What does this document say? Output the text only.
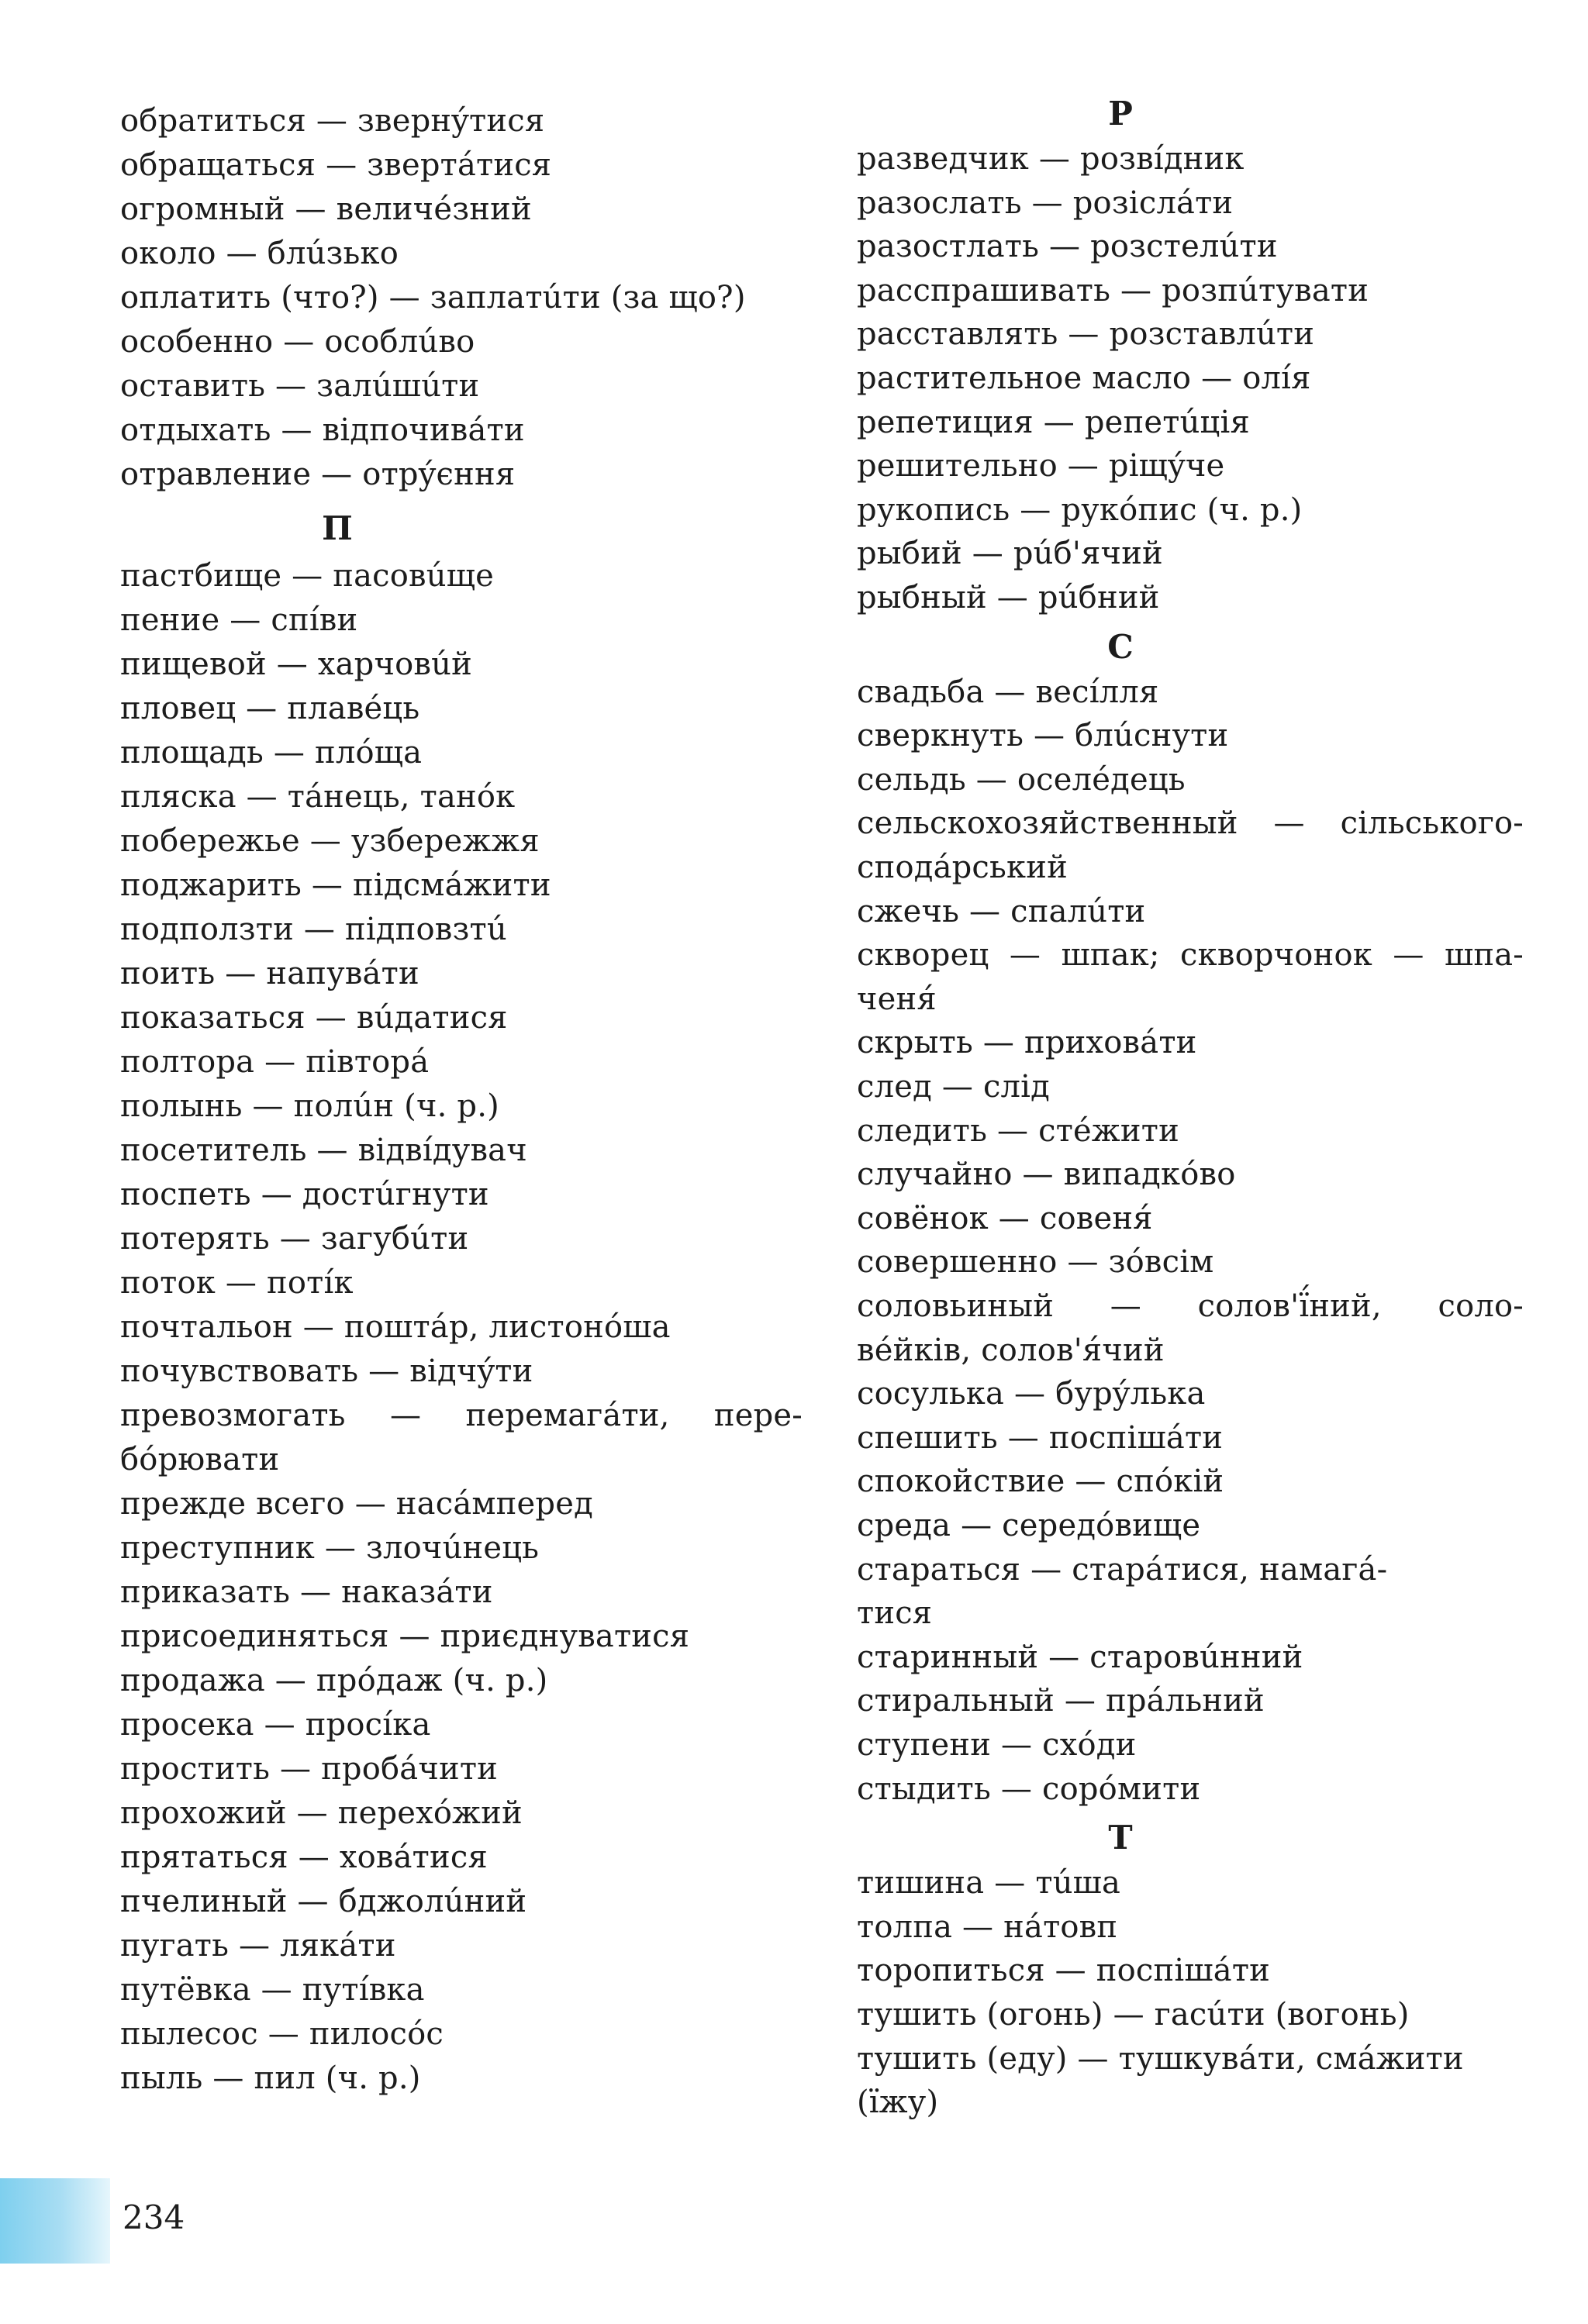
обратиться — звернýтися
обращаться — звертáтися
огромный — величéзний
около — блúзько
оплатить (что?) — заплатúти (за що?)
особенно — особлúво
оставить — залúшúти
отдыхать — відпочивáти
отравление — отрýєння
П
пастбище — пасовúще
пение — спíви
пищевой — харчовúй
пловец — плавéць
площадь — плóща
пляска — тáнець, танóк
побережье — узбережжя
поджарить — підсмáжити
подползти — підповзтú
поить — напувáти
показаться — вúдатися
полтора — півторá
полынь — полúн (ч. р.)
посетитель — відвíдувач
поспеть — достúгнути
потерять — загубúти
поток — потíк
почтальон — поштáр, листонóша
почувствовать — відчýти
превозмогать — перемагáти, пере-
бóрювати
прежде всего — насáмперед
преступник — злочúнець
приказать — наказáти
присоединяться — приєднуватися
продажа — прóдаж (ч. р.)
просека — просíка
простить — пробáчити
прохожий — перехóжий
прятаться — ховáтися
пчелиный — бджолúний
пугать — лякáти
путёвка — путíвка
пылесос — пилосóс
пыль — пил (ч. р.)
Р
разведчик — розвíдник
разослать — розіслáти
разостлать — розстелúти
расспрашивать — розпúтувати
расставлять — розставлúти
растительное масло — олíя
репетиция — репетúція
решительно — ріщýче
рукопись — рукóпис (ч. р.)
рыбий — рúб'ячий
рыбный — рúбний
С
свадьба — весíлля
сверкнуть — блúснути
сельдь — оселéдець
сельскохозяйственный — сільського-
сподáрський
сжечь — спалúти
скворец — шпак; скворчонок — шпа-
ченя́
скрыть — приховáти
след — слід
следить — стéжити
случайно — випадкóво
совёнок — совеня́
совершенно — зóвсім
соловьиный — солов'ї́ний, соло-
вéйків, солов'я́чий
сосулька — бурýлька
спешить — поспішáти
спокойствие — спóкій
среда — середóвище
стараться — старáтися, намагá-
тися
старинный — старовúнний
стиральный — прáльний
ступени — схóди
стыдить — сорóмити
Т
тишина — тúша
толпа — нáтовп
торопиться — поспішáти
тушить (огонь) — гасúти (вогонь)
тушить (еду) — тушкувáти, смáжити
(їжу)
234
